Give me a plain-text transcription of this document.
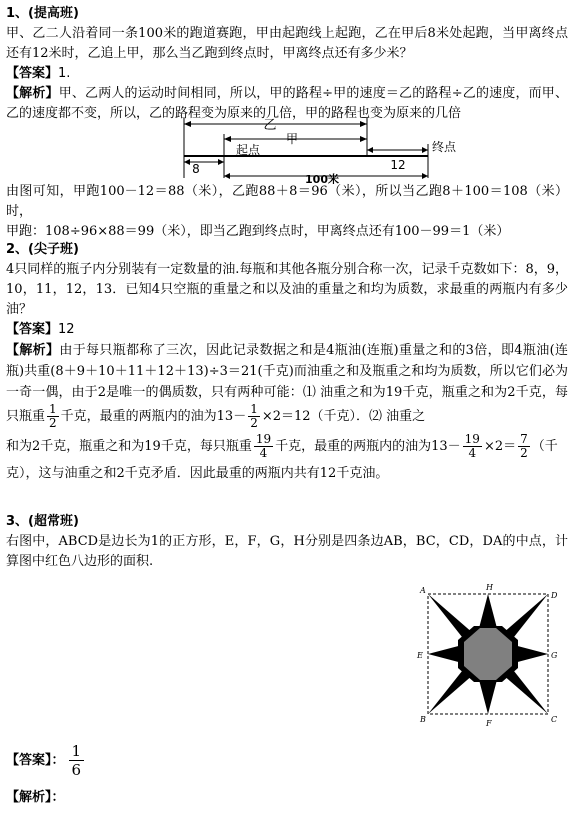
1、(提高班)

甲、乙二人沿着同一条100米的跑道赛跑，甲由起跑线上起跑，乙在甲后8米处起跑，当甲离终点还有12米时，乙追上甲，那么当乙跑到终点时，甲离终点还有多少米？

【答案】1.

【解析】甲、乙两人的运动时间相同，所以，甲的路程÷甲的速度＝乙的路程÷乙的速度，而甲、乙的速度都不变，所以，乙的路程变为原来的几倍，甲的路程也变为原来的几倍

乙
甲
8
起点
12
终点
100米

由图可知，甲跑100－12＝88（米），乙跑88＋8＝96（米），所以当乙跑8＋100＝108（米）时，

甲跑：108÷96×88＝99（米），即当乙跑到终点时，甲离终点还有100－99＝1（米）

2、(尖子班)

4只同样的瓶子内分别装有一定数量的油.每瓶和其他各瓶分别合称一次，记录千克数如下：8，9，10，11，12，13．已知4只空瓶的重量之和以及油的重量之和均为质数，求最重的两瓶内有多少油？

【答案】12

【解析】由于每只瓶都称了三次，因此记录数据之和是4瓶油(连瓶)重量之和的3倍，即4瓶油(连瓶)共重(8＋9＋10＋11＋12＋13)÷3＝21(千克)而油重之和及瓶重之和均为质数，所以它们必为一奇一偶，由于2是唯一的偶质数，只有两种可能：⑴ 油重之和为19千克，瓶重之和为2千克，每只瓶重 $\frac{1}{2}$ 千克，最重的两瓶内的油为$13- \frac{1}{2} \times 2=12$（千克）．⑵ 油重之

和为2千克，瓶重之和为19千克，每只瓶重 $\frac{19}{4}$ 千克，最重的两瓶内的油为$13- \frac{19}{4} \times 2= \frac{7}{2}$ （千

克），这与油重之和2千克矛盾．因此最重的两瓶内共有12千克油。

3、(超常班)

右图中，ABCD是边长为1的正方形，E，F，G，H分别是四条边AB，BC，CD，DA的中点，计算图中红色八边形的面积.

A	H
D
E	G
B	F	C

【答案】： $\frac{1}{6}$

【解析】：
